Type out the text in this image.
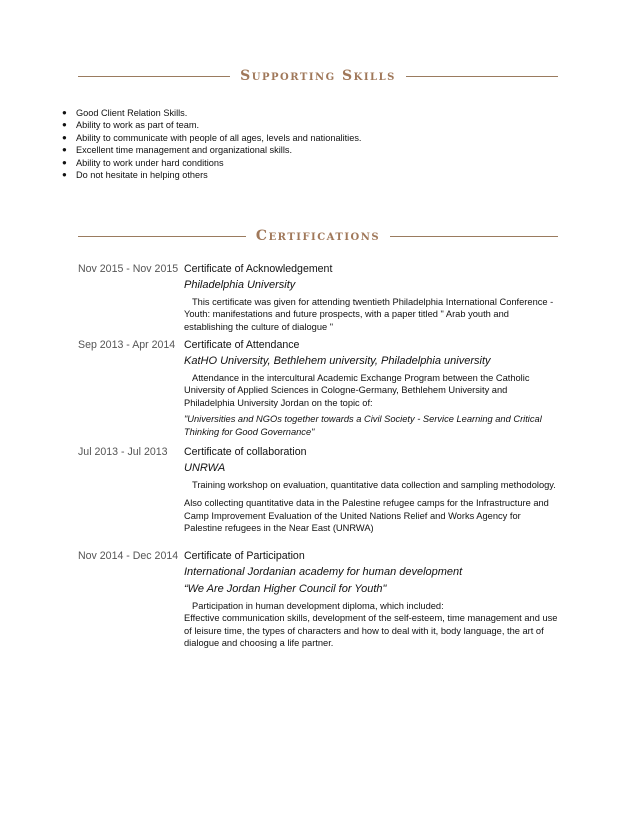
Supporting Skills
● Good Client Relation Skills.
● Ability to work as part of team.
● Ability to communicate with people of all ages, levels and nationalities.
● Excellent time management and organizational skills.
● Ability to work under hard conditions
● Do not hesitate in helping others
Certifications
Nov 2015 - Nov 2015 Certificate of Acknowledgement
Philadelphia University
This certificate was given for attending twentieth Philadelphia International Conference - Youth: manifestations and future prospects, with a paper titled " Arab youth and establishing the culture of dialogue "
Sep 2013 - Apr 2014 Certificate of Attendance
KatHO University, Bethlehem university, Philadelphia university
Attendance in the intercultural Academic Exchange Program between the Catholic University of Applied Sciences in Cologne-Germany, Bethlehem University and Philadelphia University Jordan on the topic of:
"Universities and NGOs together towards a Civil Society - Service Learning and Critical Thinking for Good Governance"
Jul 2013 - Jul 2013	Certificate of collaboration
UNRWA
Training workshop on evaluation, quantitative data collection and sampling methodology.
Also collecting quantitative data in the Palestine refugee camps for the Infrastructure and Camp Improvement Evaluation of the United Nations Relief and Works Agency for Palestine refugees in the Near East (UNRWA)
Nov 2014 - Dec 2014 Certificate of Participation
International Jordanian academy for human development
“We Are Jordan Higher Council for Youth"
Participation in human development diploma, which included:
Effective communication skills, development of the self-esteem, time management and use of leisure time, the types of characters and how to deal with it, body language, the art of dialogue and choosing a life partner.
